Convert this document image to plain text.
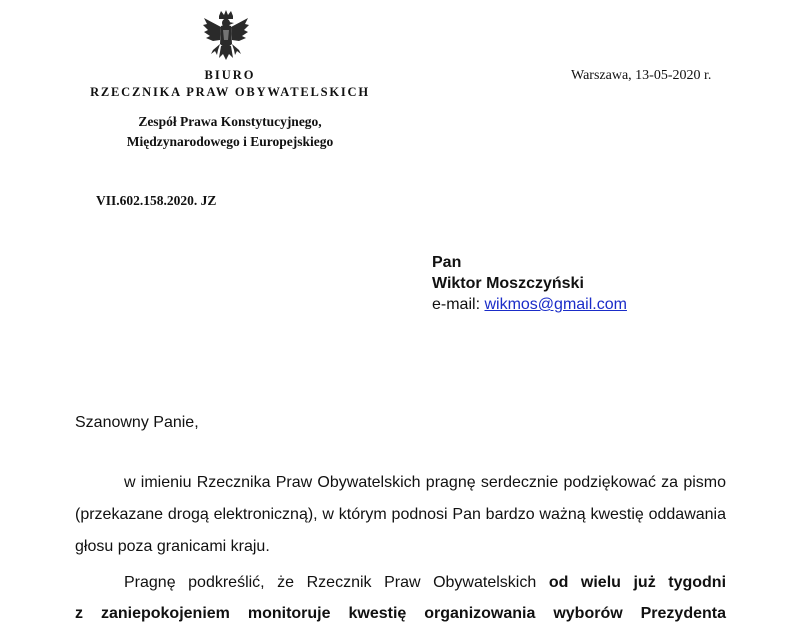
BIURO
RZECZNIKA PRAW OBYWATELSKICH
Zespół Prawa Konstytucyjnego,
Międzynarodowego i Europejskiego
Warszawa, 13-05-2020 r.
VII.602.158.2020. JZ
Pan
Wiktor Moszczyński
e-mail: wikmos@gmail.com
Szanowny Panie,
w imieniu Rzecznika Praw Obywatelskich pragnę serdecznie podziękować za pismo
(przekazane drogą elektroniczną), w którym podnosi Pan bardzo ważną kwestię oddawania
głosu poza granicami kraju.
Pragnę podkreślić, że Rzecznik Praw Obywatelskich od wielu już tygodni
z zaniepokojeniem monitoruje kwestię organizowania wyborów Prezydenta
